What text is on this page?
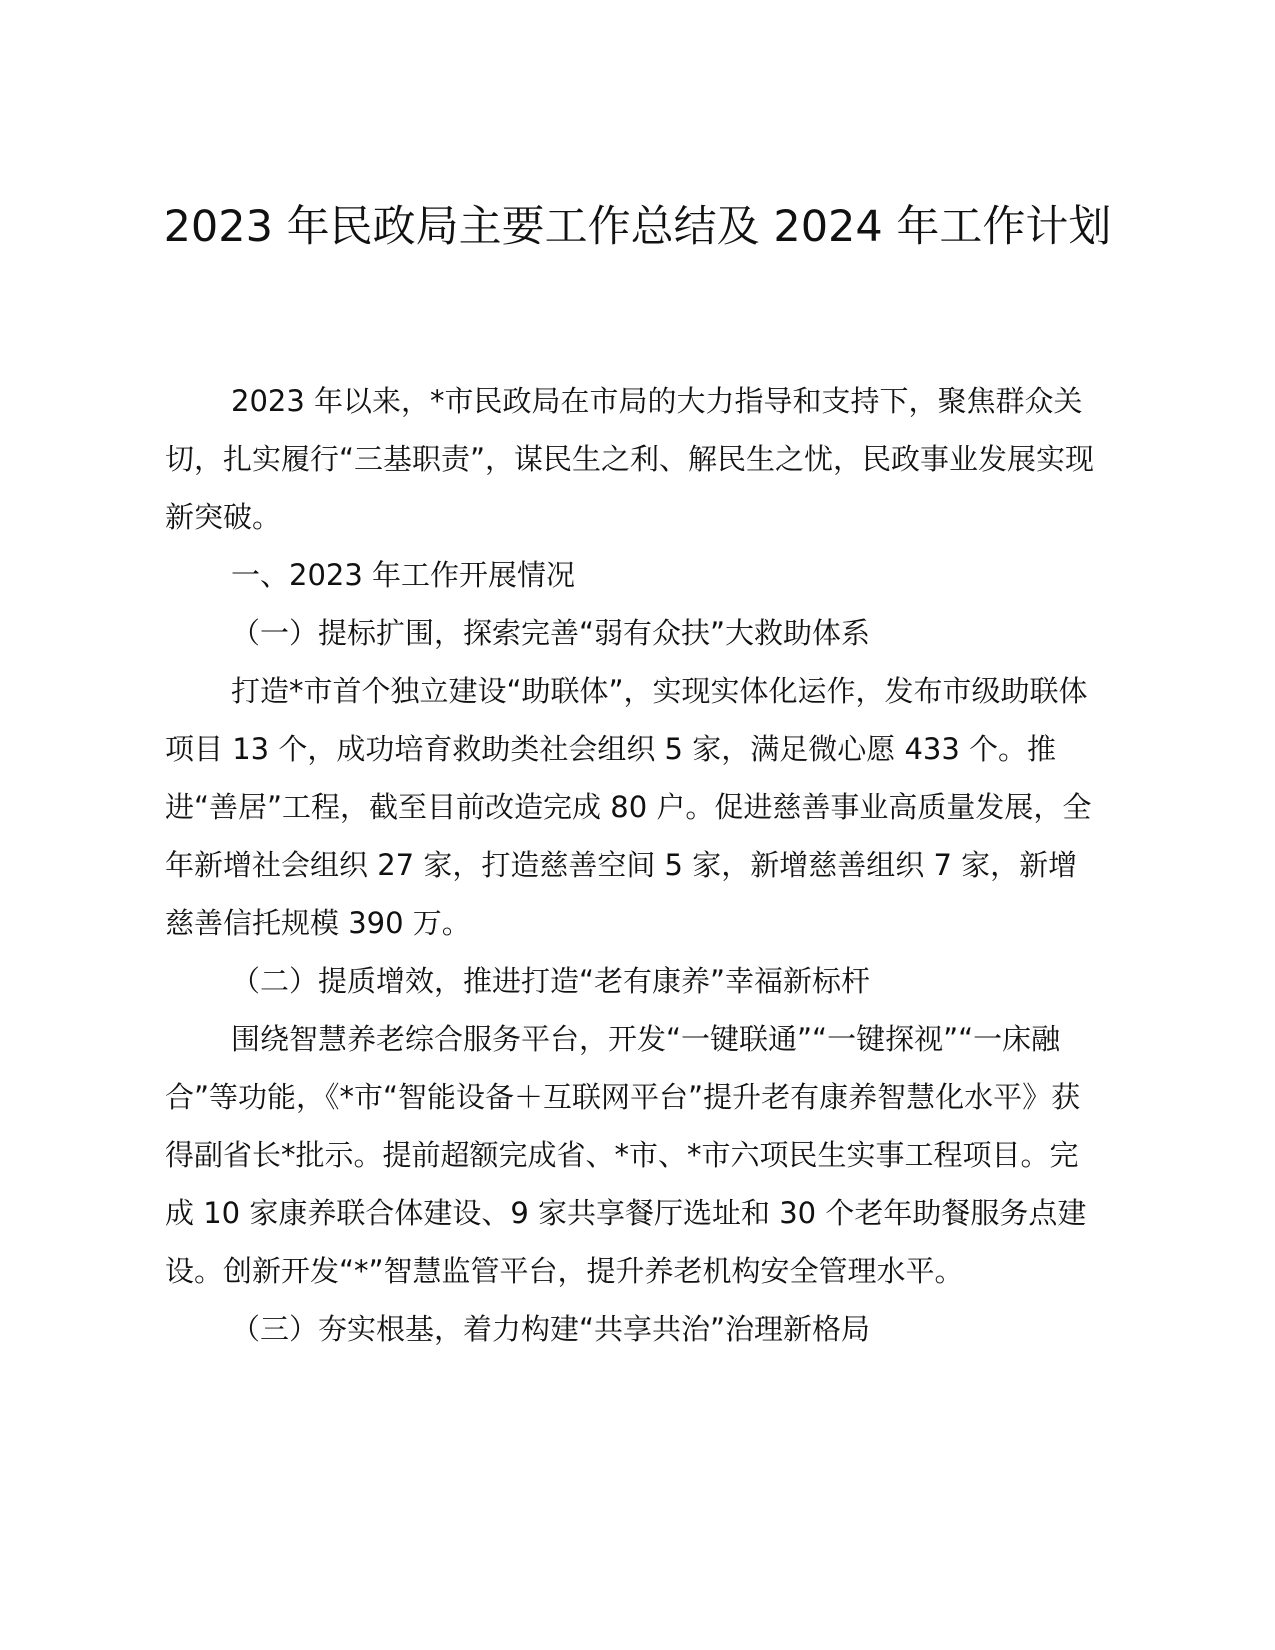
2023 年民政局主要工作总结及 2024 年工作计划

2023 年以来，*市民政局在市局的大力指导和支持下，聚焦群众关切，扎实履行“三基职责”，谋民生之利、解民生之忧，民政事业发展实现新突破。

一、2023 年工作开展情况

（一）提标扩围，探索完善“弱有众扶”大救助体系

打造*市首个独立建设“助联体”，实现实体化运作，发布市级助联体项目 13 个，成功培育救助类社会组织 5 家，满足微心愿 433 个。推进“善居”工程，截至目前改造完成 80 户。促进慈善事业高质量发展，全年新增社会组织 27 家，打造慈善空间 5 家，新增慈善组织 7 家，新增慈善信托规模 390 万。

（二）提质增效，推进打造“老有康养”幸福新标杆

围绕智慧养老综合服务平台，开发“一键联通”“一键探视”“一床融合”等功能，《*市“智能设备＋互联网平台”提升老有康养智慧化水平》获得副省长*批示。提前超额完成省、*市、*市六项民生实事工程项目。完成 10 家康养联合体建设、9 家共享餐厅选址和 30 个老年助餐服务点建设。创新开发“*”智慧监管平台，提升养老机构安全管理水平。

（三）夯实根基，着力构建“共享共治”治理新格局
